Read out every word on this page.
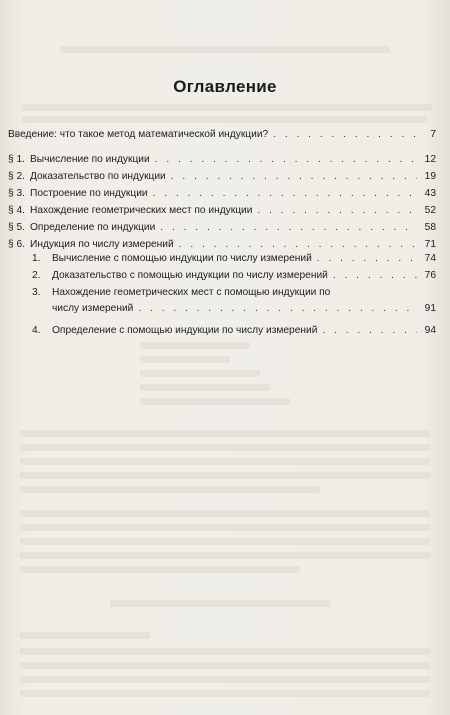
Оглавление
Введение: что такое метод математической индукции? . . .	7
§ 1. Вычисление по индукции . . .	12
§ 2. Доказательство по индукции . . .	19
§ 3. Построение по индукции . . .	43
§ 4. Нахождение геометрических мест по индукции . . .	52
§ 5. Определение по индукции . . .	58
§ 6. Индукция по числу измерений . . .	71
1.	Вычисление с помощью индукции по числу измерений . . .	74
2.	Доказательство с помощью индукции по числу измерений . . .	76
3. Нахождение геометрических мест с помощью индукции по
числу измерений . . .	91
4.	Определение с помощью индукции по числу измерений . . .	94
